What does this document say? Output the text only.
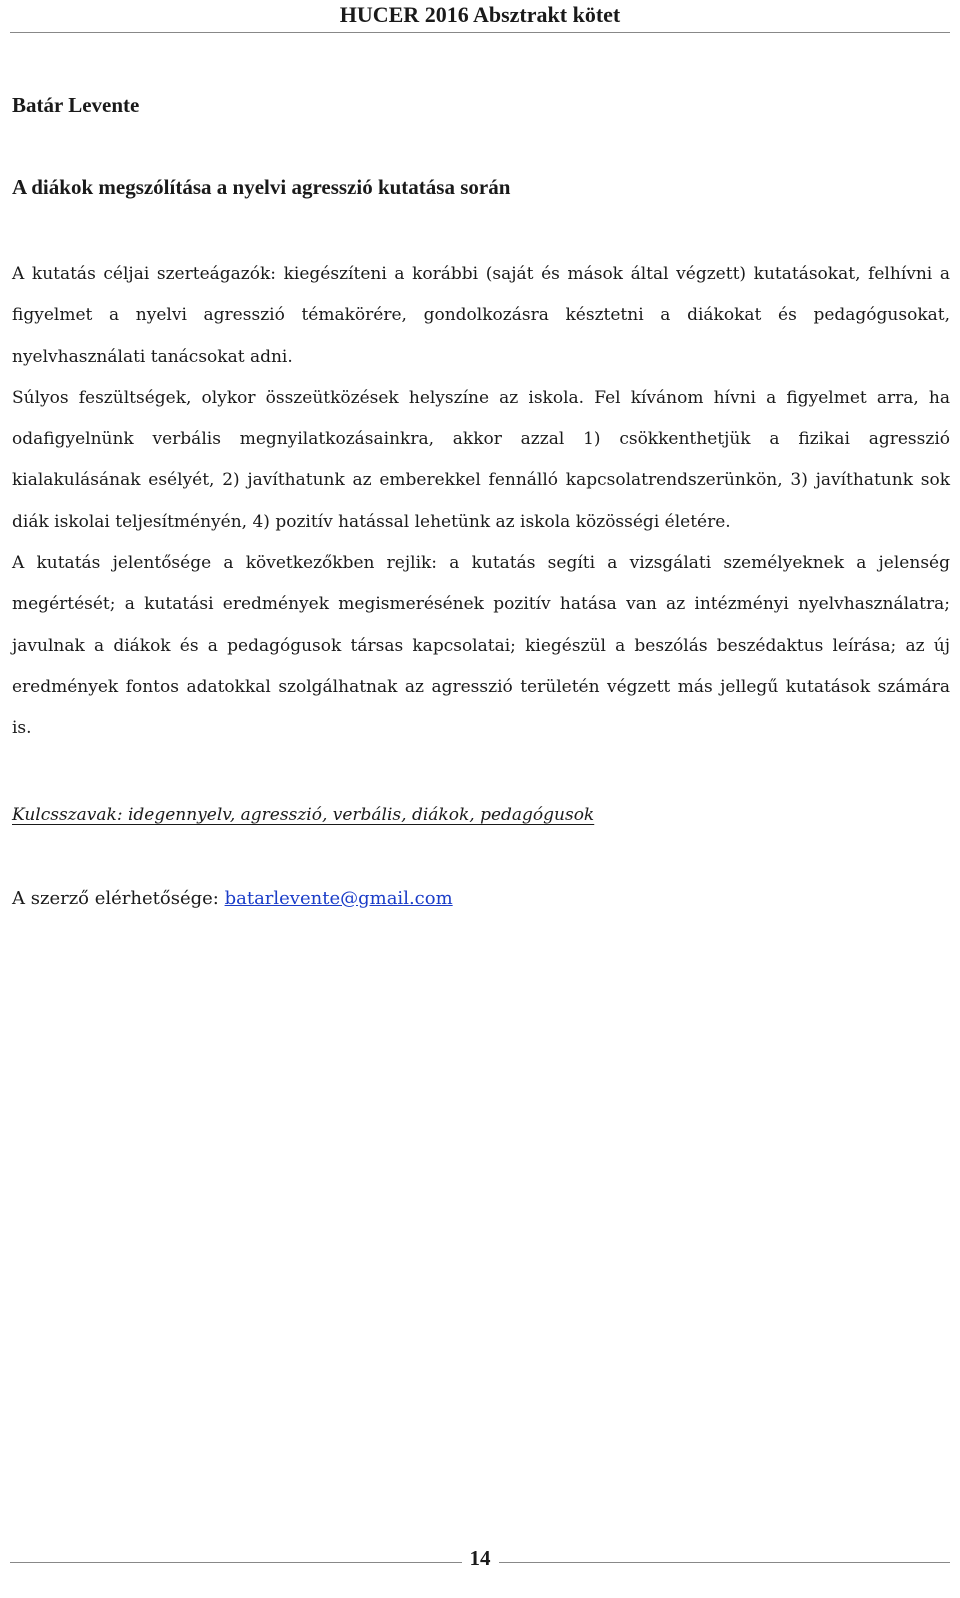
HUCER 2016 Absztrakt kötet

Batár Levente

A diákok megszólítása a nyelvi agresszió kutatása során

A kutatás céljai szerteágazók: kiegészíteni a korábbi (saját és mások által végzett) kutatásokat, felhívni a figyelmet a nyelvi agresszió témakörére, gondolkozásra késztetni a diákokat és pedagógusokat, nyelvhasználati tanácsokat adni.

Súlyos feszültségek, olykor összeütközések helyszíne az iskola. Fel kívánom hívni a figyelmet arra, ha odafigyelnünk verbális megnyilatkozásainkra, akkor azzal 1) csökkenthetjük a fizikai agresszió kialakulásának esélyét, 2) javíthatunk az emberekkel fennálló kapcsolatrendszerünkön, 3) javíthatunk sok diák iskolai teljesítményén, 4) pozitív hatással lehetünk az iskola közösségi életére.

A kutatás jelentősége a következőkben rejlik: a kutatás segíti a vizsgálati személyeknek a jelenség megértését; a kutatási eredmények megismerésének pozitív hatása van az intézményi nyelvhasználatra; javulnak a diákok és a pedagógusok társas kapcsolatai; kiegészül a beszólás beszédaktus leírása; az új eredmények fontos adatokkal szolgálhatnak az agresszió területén végzett más jellegű kutatások számára is.

Kulcsszavak: idegennyelv, agresszió, verbális, diákok, pedagógusok

A szerző elérhetősége: batarlevente@gmail.com

14
